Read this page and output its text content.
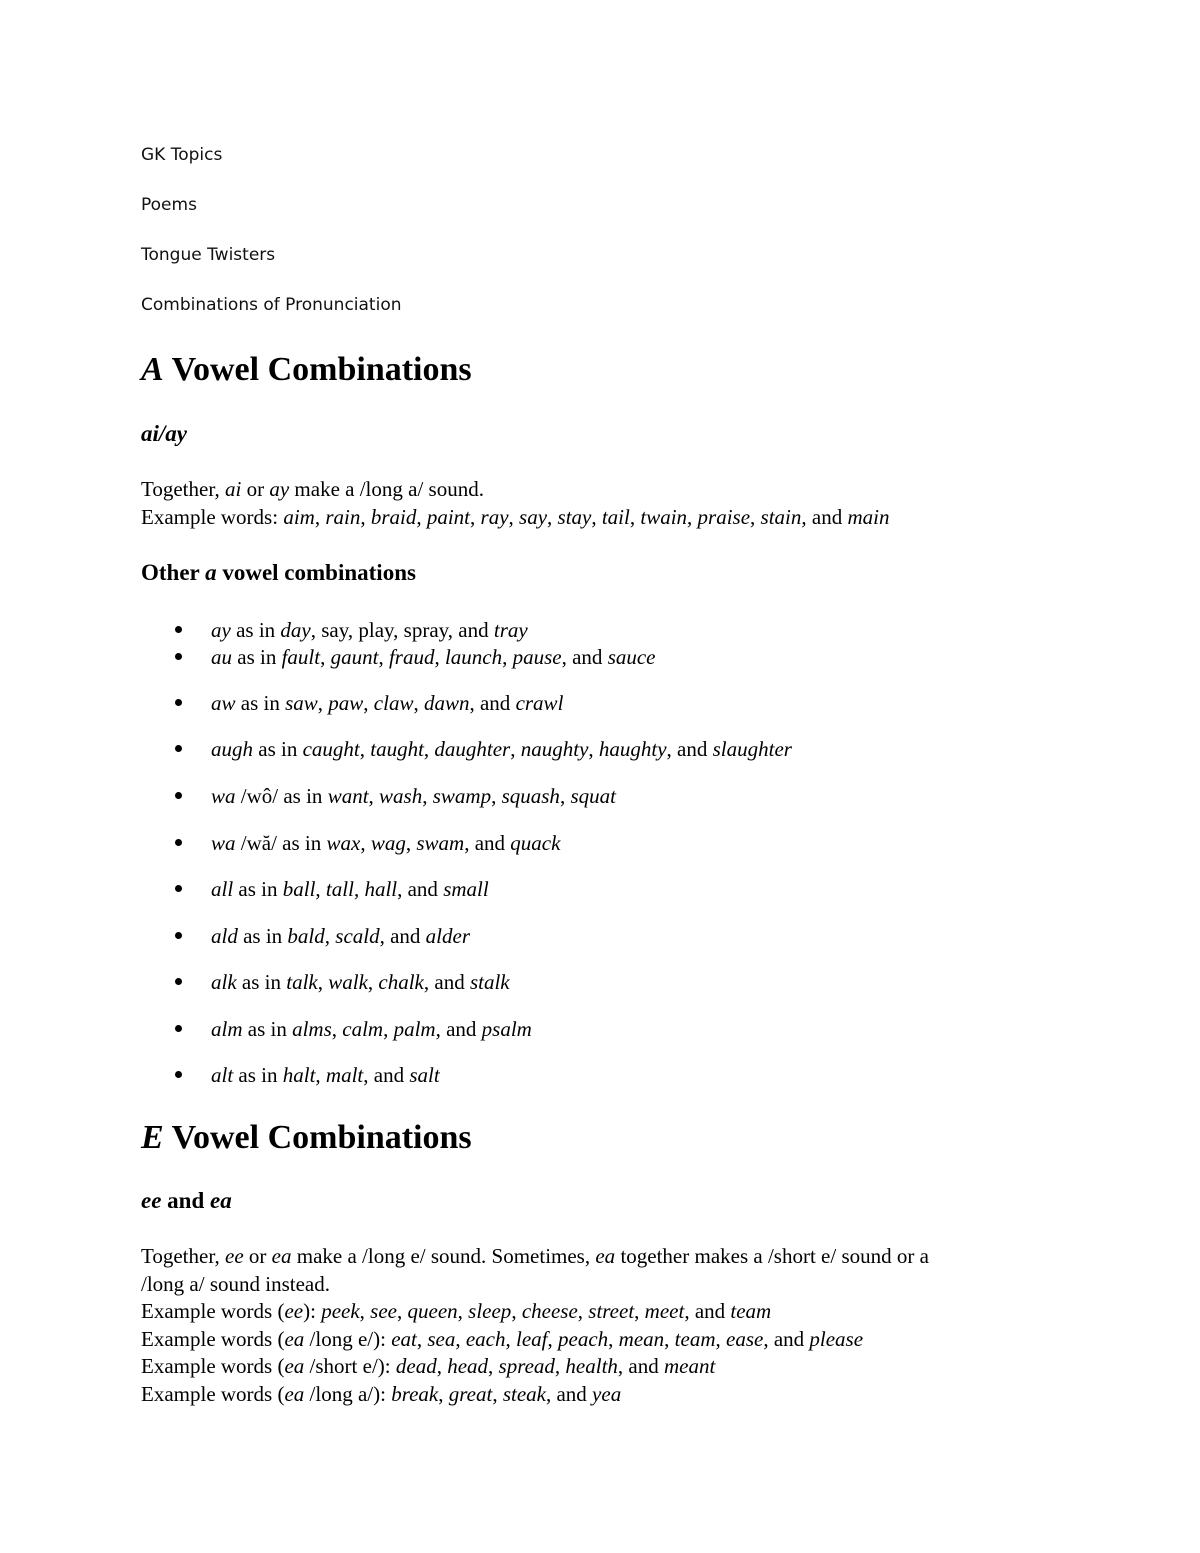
GK Topics

Poems

Tongue Twisters

Combinations of Pronunciation

A Vowel Combinations
ai/ay

Together, ai or ay make a /long a/ sound.
Example words: aim, rain, braid, paint, ray, say, stay, tail, twain, praise, stain, and main

Other a vowel combinations
ay as in day, say, play, spray, and tray
au as in fault, gaunt, fraud, launch, pause, and sauce
aw as in saw, paw, claw, dawn, and crawl
augh as in caught, taught, daughter, naughty, haughty, and slaughter
wa /wô/ as in want, wash, swamp, squash, squat
wa /wă/ as in wax, wag, swam, and quack
all as in ball, tall, hall, and small
ald as in bald, scald, and alder
alk as in talk, walk, chalk, and stalk
alm as in alms, calm, palm, and psalm
alt as in halt, malt, and salt
E Vowel Combinations
ee and ea

Together, ee or ea make a /long e/ sound. Sometimes, ea together makes a /short e/ sound or a
/long a/ sound instead.
Example words (ee): peek, see, queen, sleep, cheese, street, meet, and team
Example words (ea /long e/): eat, sea, each, leaf, peach, mean, team, ease, and please
Example words (ea /short e/): dead, head, spread, health, and meant
Example words (ea /long a/): break, great, steak, and yea
